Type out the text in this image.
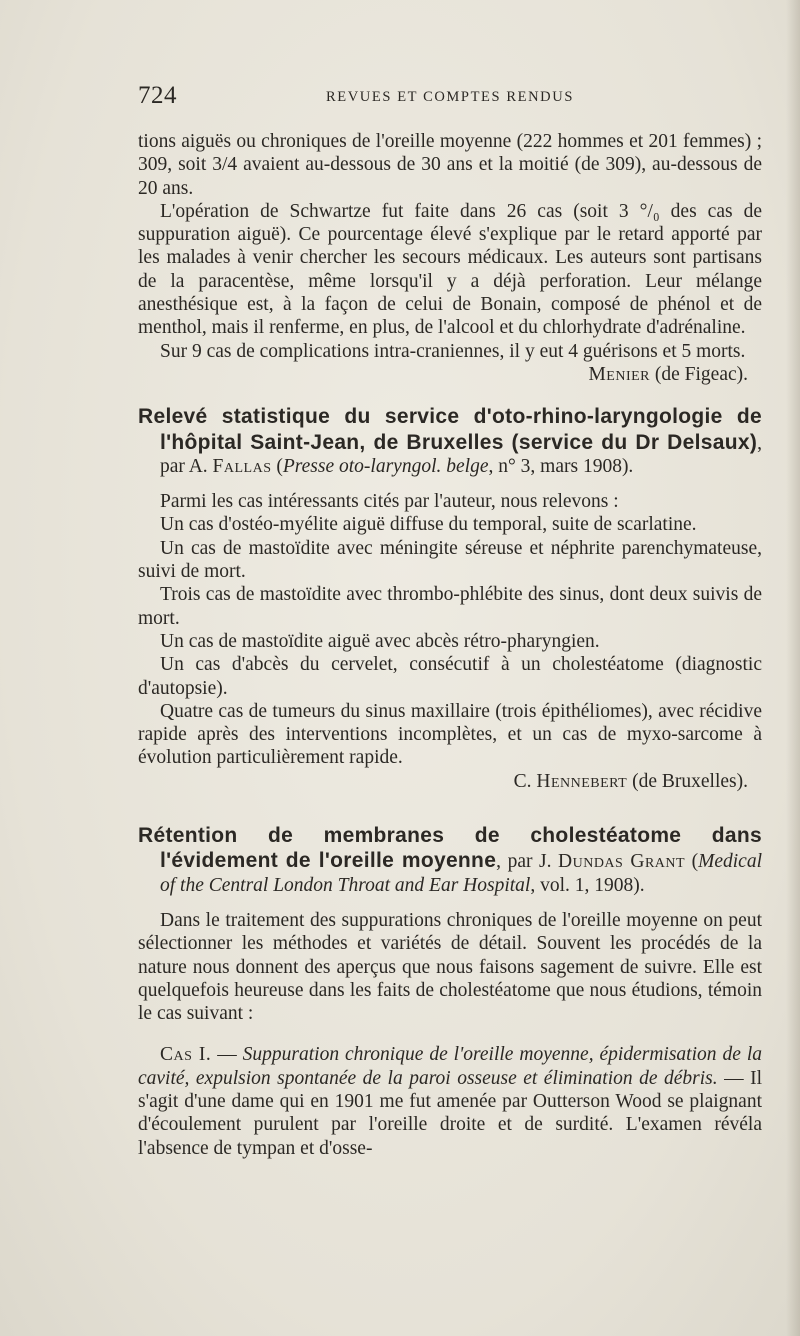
724	REVUES ET COMPTES RENDUS

tions aiguës ou chroniques de l'oreille moyenne (222 hommes et 201 femmes) ; 309, soit 3/4 avaient au-dessous de 30 ans et la moitié (de 309), au-dessous de 20 ans.

L'opération de Schwartze fut faite dans 26 cas (soit 3 °/₀ des cas de suppuration aiguë). Ce pourcentage élevé s'explique par le retard apporté par les malades à venir chercher les secours médicaux. Les auteurs sont partisans de la paracentèse, même lorsqu'il y a déjà perforation. Leur mélange anesthésique est, à la façon de celui de Bonain, composé de phénol et de menthol, mais il renferme, en plus, de l'alcool et du chlorhydrate d'adrénaline.

Sur 9 cas de complications intra-craniennes, il y eut 4 guérisons et 5 morts.

Menier (de Figeac).

Relevé statistique du service d'oto-rhino-laryngologie de l'hôpital Saint-Jean, de Bruxelles (service du Dr Delsaux), par A. Fallas (Presse oto-laryngol. belge, n° 3, mars 1908).

Parmi les cas intéressants cités par l'auteur, nous relevons :

Un cas d'ostéo-myélite aiguë diffuse du temporal, suite de scarlatine.

Un cas de mastoïdite avec méningite séreuse et néphrite parenchymateuse, suivi de mort.

Trois cas de mastoïdite avec thrombo-phlébite des sinus, dont deux suivis de mort.

Un cas de mastoïdite aiguë avec abcès rétro-pharyngien.

Un cas d'abcès du cervelet, consécutif à un cholestéatome (diagnostic d'autopsie).

Quatre cas de tumeurs du sinus maxillaire (trois épithéliomes), avec récidive rapide après des interventions incomplètes, et un cas de myxo-sarcome à évolution particulièrement rapide.

C. Hennebert (de Bruxelles).

Rétention de membranes de cholestéatome dans l'évidement de l'oreille moyenne, par J. Dundas Grant (Medical of the Central London Throat and Ear Hospital, vol. 1, 1908).

Dans le traitement des suppurations chroniques de l'oreille moyenne on peut sélectionner les méthodes et variétés de détail. Souvent les procédés de la nature nous donnent des aperçus que nous faisons sagement de suivre. Elle est quelquefois heureuse dans les faits de cholestéatome que nous étudions, témoin le cas suivant :

Cas I. — Suppuration chronique de l'oreille moyenne, épidermisation de la cavité, expulsion spontanée de la paroi osseuse et élimination de débris. — Il s'agit d'une dame qui en 1901 me fut amenée par Outterson Wood se plaignant d'écoulement purulent par l'oreille droite et de surdité. L'examen révéla l'absence de tympan et d'osse-
